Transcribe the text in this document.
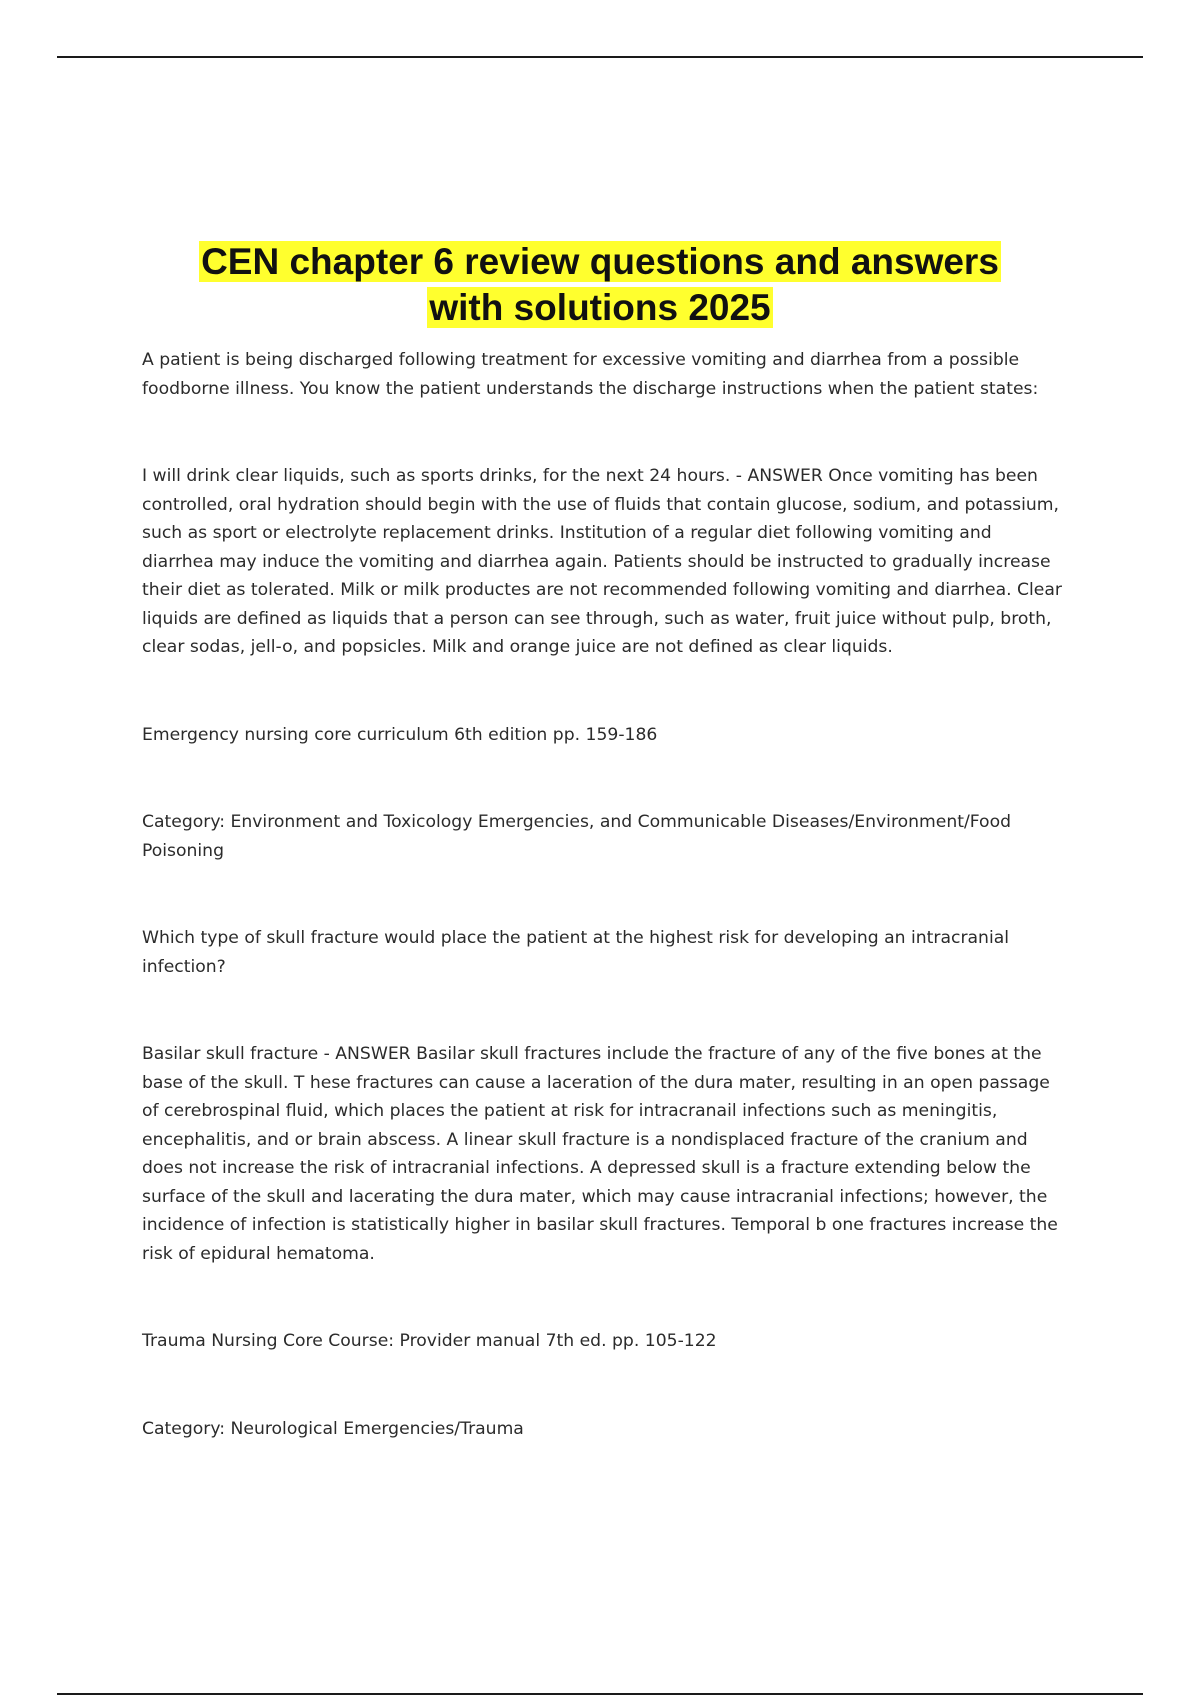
CEN chapter 6 review questions and answers
with solutions 2025

A patient is being discharged following treatment for excessive vomiting and diarrhea from a possible foodborne illness. You know the patient understands the discharge instructions when the patient states:

I will drink clear liquids, such as sports drinks, for the next 24 hours. - ANSWER Once vomiting has been controlled, oral hydration should begin with the use of fluids that contain glucose, sodium, and potassium, such as sport or electrolyte replacement drinks. Institution of a regular diet following vomiting and diarrhea may induce the vomiting and diarrhea again. Patients should be instructed to gradually increase their diet as tolerated. Milk or milk productes are not recommended following vomiting and diarrhea. Clear liquids are defined as liquids that a person can see through, such as water, fruit juice without pulp, broth, clear sodas, jell-o, and popsicles. Milk and orange juice are not defined as clear liquids.

Emergency nursing core curriculum 6th edition pp. 159-186

Category: Environment and Toxicology Emergencies, and Communicable Diseases/Environment/Food Poisoning

Which type of skull fracture would place the patient at the highest risk for developing an intracranial infection?

Basilar skull fracture - ANSWER Basilar skull fractures include the fracture of any of the five bones at the base of the skull. T hese fractures can cause a laceration of the dura mater, resulting in an open passage of cerebrospinal fluid, which places the patient at risk for intracranail infections such as meningitis, encephalitis, and or brain abscess. A linear skull fracture is a nondisplaced fracture of the cranium and does not increase the risk of intracranial infections. A depressed skull is a fracture extending below the surface of the skull and lacerating the dura mater, which may cause intracranial infections; however, the incidence of infection is statistically higher in basilar skull fractures. Temporal b one fractures increase the risk of epidural hematoma.

Trauma Nursing Core Course: Provider manual 7th ed. pp. 105-122

Category: Neurological Emergencies/Trauma
